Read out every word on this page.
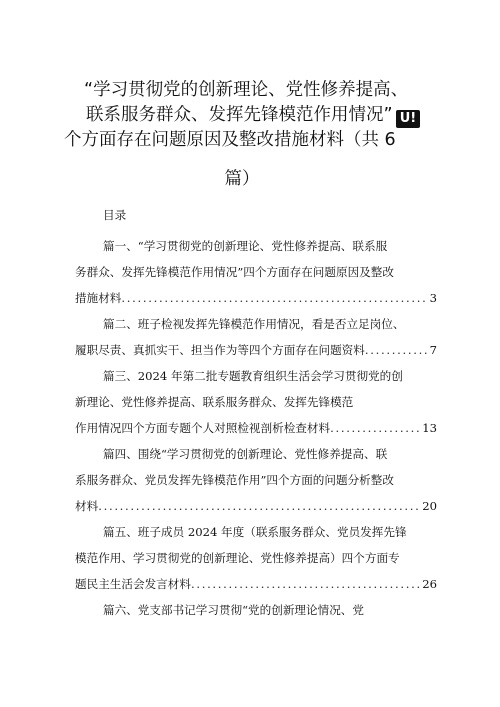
“学习贯彻党的创新理论、党性修养提高、
联系服务群众、发挥先锋模范作用情况”
个方面存在问题原因及整改措施材料（共 6
篇）
U!
目录
篇一、“学习贯彻党的创新理论、党性修养提高、联系服
务群众、发挥先锋模范作用情况”四个方面存在问题原因及整改
措施材料 . . .	3
篇二、班子检视发挥先锋模范作用情况，看是否立足岗位、
履职尽责、真抓实干、担当作为等四个方面存在问题资料 . . .	7
篇三、2024 年第二批专题教育组织生活会学习贯彻党的创
新理论、党性修养提高、联系服务群众、发挥先锋模范
作用情况四个方面专题个人对照检视剖析检查材料 . . .	13
篇四、围绕“学习贯彻党的创新理论、党性修养提高、联
系服务群众、党员发挥先锋模范作用”四个方面的问题分析整改
材料 . . .	20
篇五、班子成员 2024 年度（联系服务群众、党员发挥先锋
模范作用、学习贯彻党的创新理论、党性修养提高）四个方面专
题民主生活会发言材料 . . .	26
篇六、党支部书记学习贯彻“党的创新理论情况、党
